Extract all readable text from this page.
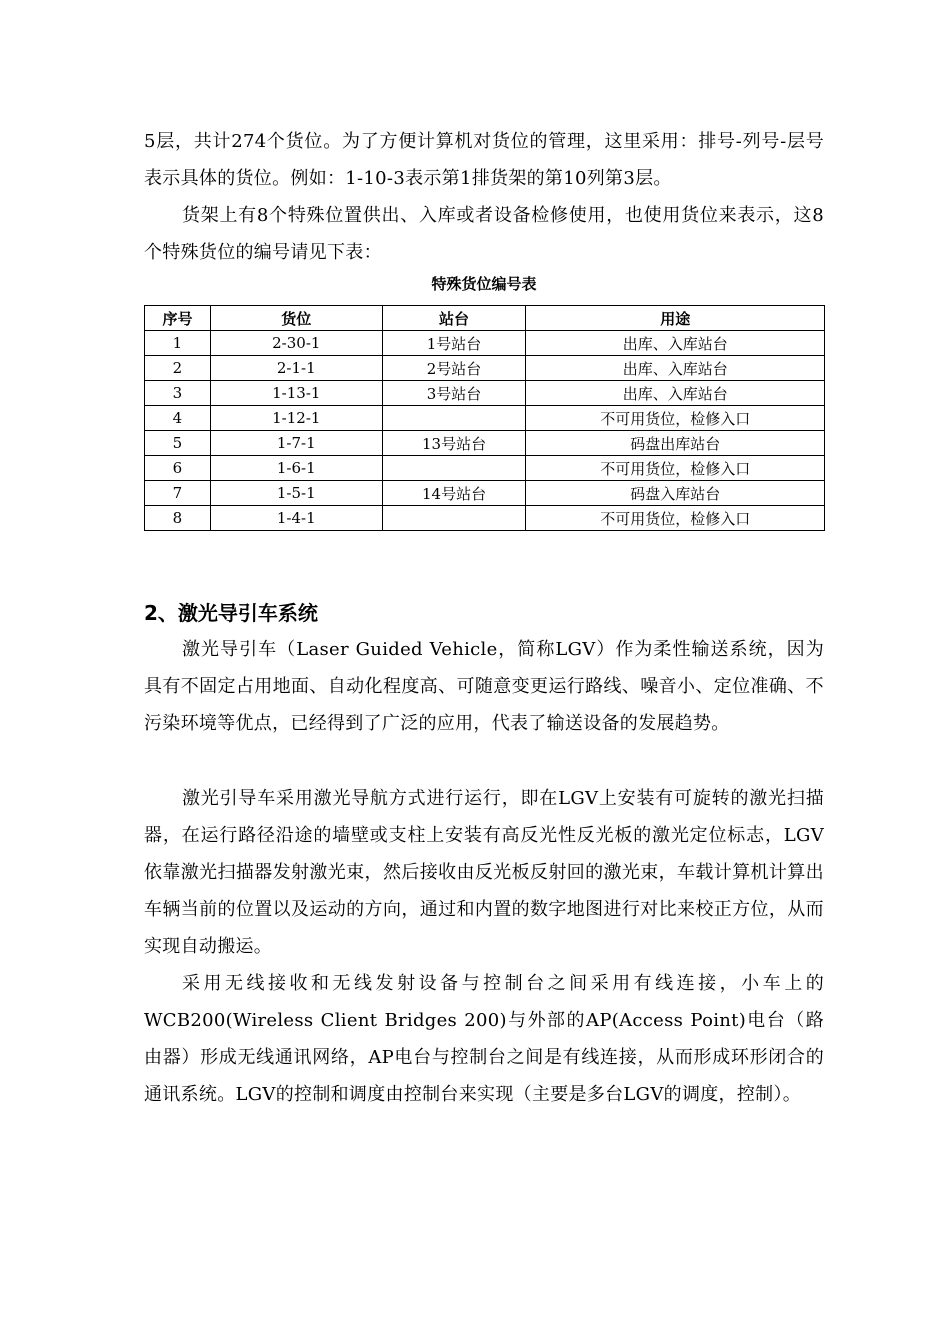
5层，共计274个货位。为了方便计算机对货位的管理，这里采用：排号-列号-层号表示具体的货位。例如：1-10-3表示第1排货架的第10列第3层。
货架上有8个特殊位置供出、入库或者设备检修使用，也使用货位来表示，这8个特殊货位的编号请见下表：
特殊货位编号表
序号	货位	站台	用途
1	2-30-1	1号站台	出库、入库站台
2	2-1-1	2号站台	出库、入库站台
3	1-13-1	3号站台	出库、入库站台
4	1-12-1		不可用货位，检修入口
5	1-7-1	13号站台	码盘出库站台
6	1-6-1		不可用货位，检修入口
7	1-5-1	14号站台	码盘入库站台
8	1-4-1		不可用货位，检修入口
2、激光导引车系统
激光导引车（Laser Guided Vehicle，简称LGV）作为柔性输送系统，因为具有不固定占用地面、自动化程度高、可随意变更运行路线、噪音小、定位准确、不污染环境等优点，已经得到了广泛的应用，代表了输送设备的发展趋势。
激光引导车采用激光导航方式进行运行，即在LGV上安装有可旋转的激光扫描器，在运行路径沿途的墙壁或支柱上安装有高反光性反光板的激光定位标志，LGV依靠激光扫描器发射激光束，然后接收由反光板反射回的激光束，车载计算机计算出车辆当前的位置以及运动的方向，通过和内置的数字地图进行对比来校正方位，从而实现自动搬运。
采用无线接收和无线发射设备与控制台之间采用有线连接，小车上的WCB200(Wireless Client Bridges 200)与外部的AP(Access Point)电台（路由器）形成无线通讯网络，AP电台与控制台之间是有线连接，从而形成环形闭合的通讯系统。LGV的控制和调度由控制台来实现（主要是多台LGV的调度，控制）。
